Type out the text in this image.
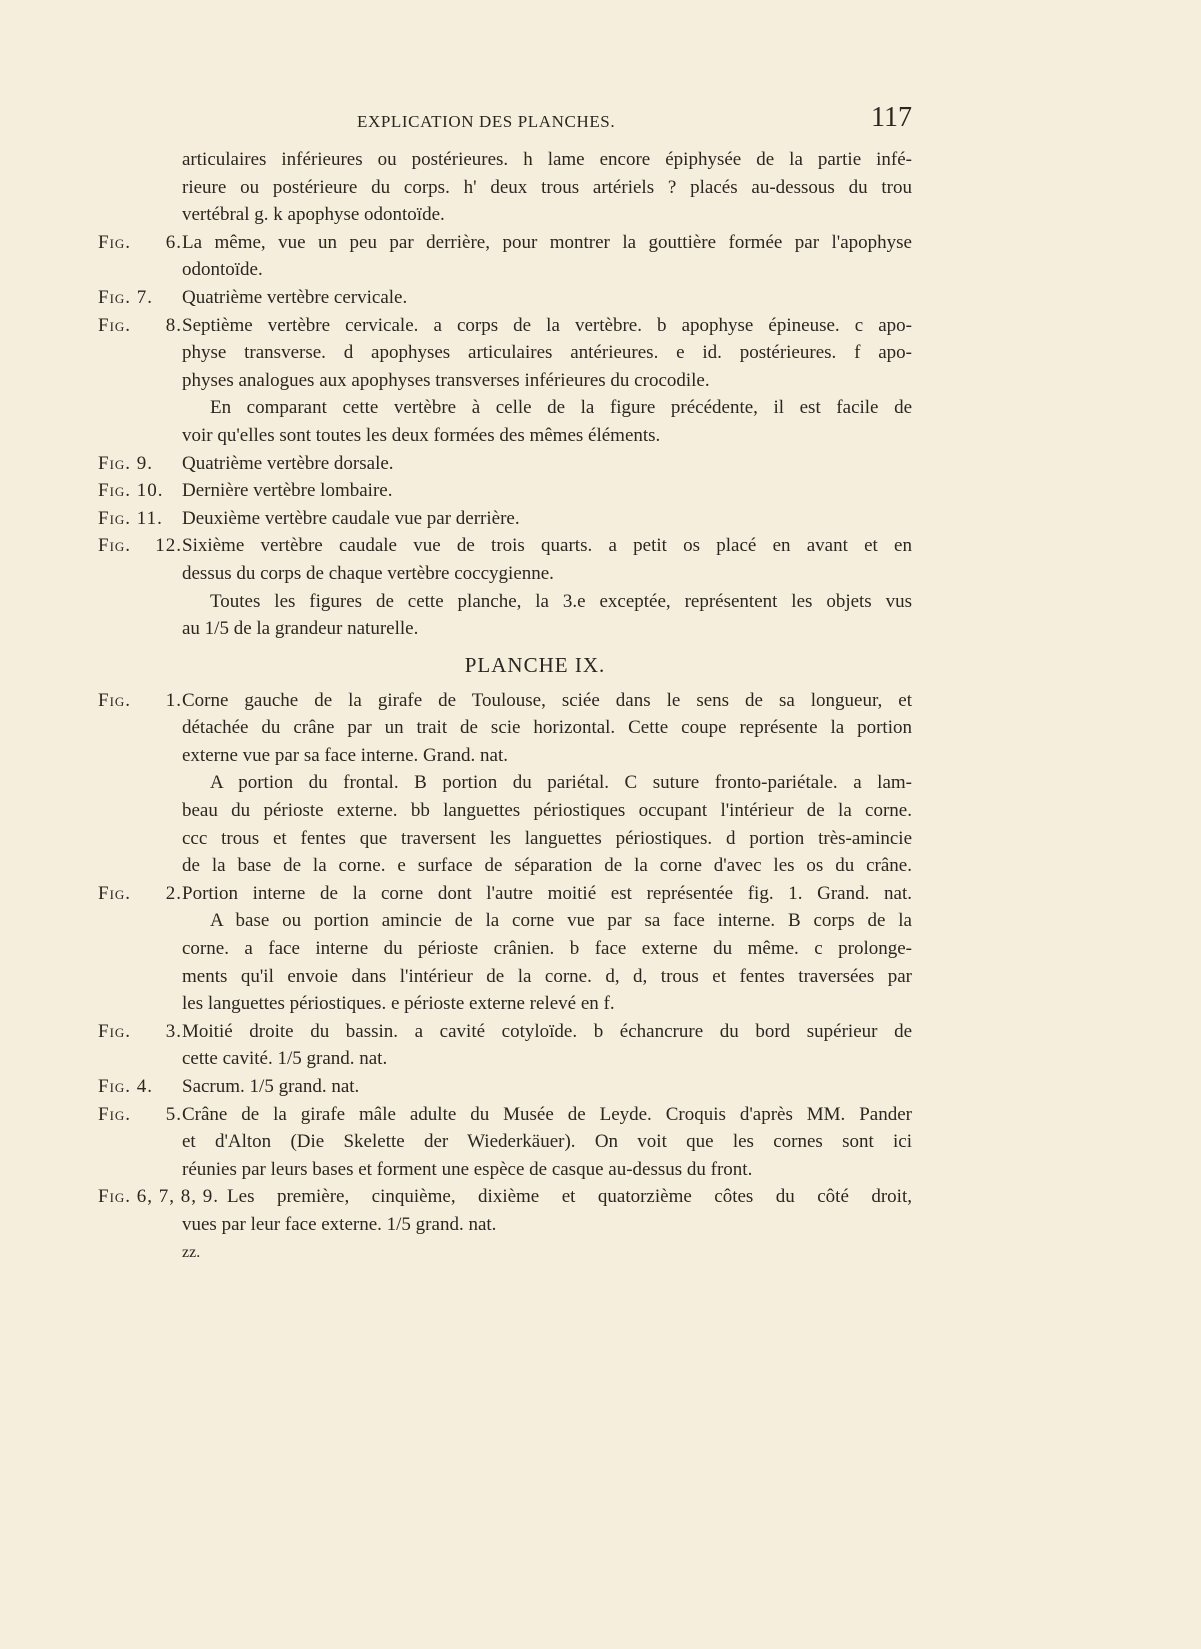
EXPLICATION DES PLANCHES.	117
articulaires inférieures ou postérieures. h lame encore épiphysée de la partie infé-
rieure ou postérieure du corps. h' deux trous artériels ? placés au-dessous du trou
vertébral g. k apophyse odontoïde.
Fig. 6.La même, vue un peu par derrière, pour montrer la gouttière formée par l'apophyse
odontoïde.
Fig. 7. Quatrième vertèbre cervicale.
Fig. 8.Septième vertèbre cervicale. a corps de la vertèbre. b apophyse épineuse. c apo-
physe transverse. d apophyses articulaires antérieures. e id. postérieures. f apo-
physes analogues aux apophyses transverses inférieures du crocodile.
En comparant cette vertèbre à celle de la figure précédente, il est facile de
voir qu'elles sont toutes les deux formées des mêmes éléments.
Fig. 9. Quatrième vertèbre dorsale.
Fig. 10. Dernière vertèbre lombaire.
Fig. 11. Deuxième vertèbre caudale vue par derrière.
Fig. 12.Sixième vertèbre caudale vue de trois quarts. a petit os placé en avant et en
dessus du corps de chaque vertèbre coccygienne.
Toutes les figures de cette planche, la 3.e exceptée, représentent les objets vus
au 1/5 de la grandeur naturelle.
PLANCHE IX.
Fig. 1.Corne gauche de la girafe de Toulouse, sciée dans le sens de sa longueur, et
détachée du crâne par un trait de scie horizontal. Cette coupe représente la portion
externe vue par sa face interne. Grand. nat.
A portion du frontal. B portion du pariétal. C suture fronto-pariétale. a lam-
beau du périoste externe. bb languettes périostiques occupant l'intérieur de la corne.
ccc trous et fentes que traversent les languettes périostiques. d portion très-amincie
de la base de la corne. e surface de séparation de la corne d'avec les os du crâne.
Fig. 2.Portion interne de la corne dont l'autre moitié est représentée fig. 1. Grand. nat.
A base ou portion amincie de la corne vue par sa face interne. B corps de la
corne. a face interne du périoste crânien. b face externe du même. c prolonge-
ments qu'il envoie dans l'intérieur de la corne. d, d, trous et fentes traversées par
les languettes périostiques. e périoste externe relevé en f.
Fig. 3.Moitié droite du bassin. a cavité cotyloïde. b échancrure du bord supérieur de
cette cavité. 1/5 grand. nat.
Fig. 4. Sacrum. 1/5 grand. nat.
Fig. 5.Crâne de la girafe mâle adulte du Musée de Leyde. Croquis d'après MM. Pander
et d'Alton (Die Skelette der Wiederkäuer). On voit que les cornes sont ici
réunies par leurs bases et forment une espèce de casque au-dessus du front.
Fig. 6, 7, 8, 9. Les première, cinquième, dixième et quatorzième côtes du côté droit,
vues par leur face externe. 1/5 grand. nat.
zz.
